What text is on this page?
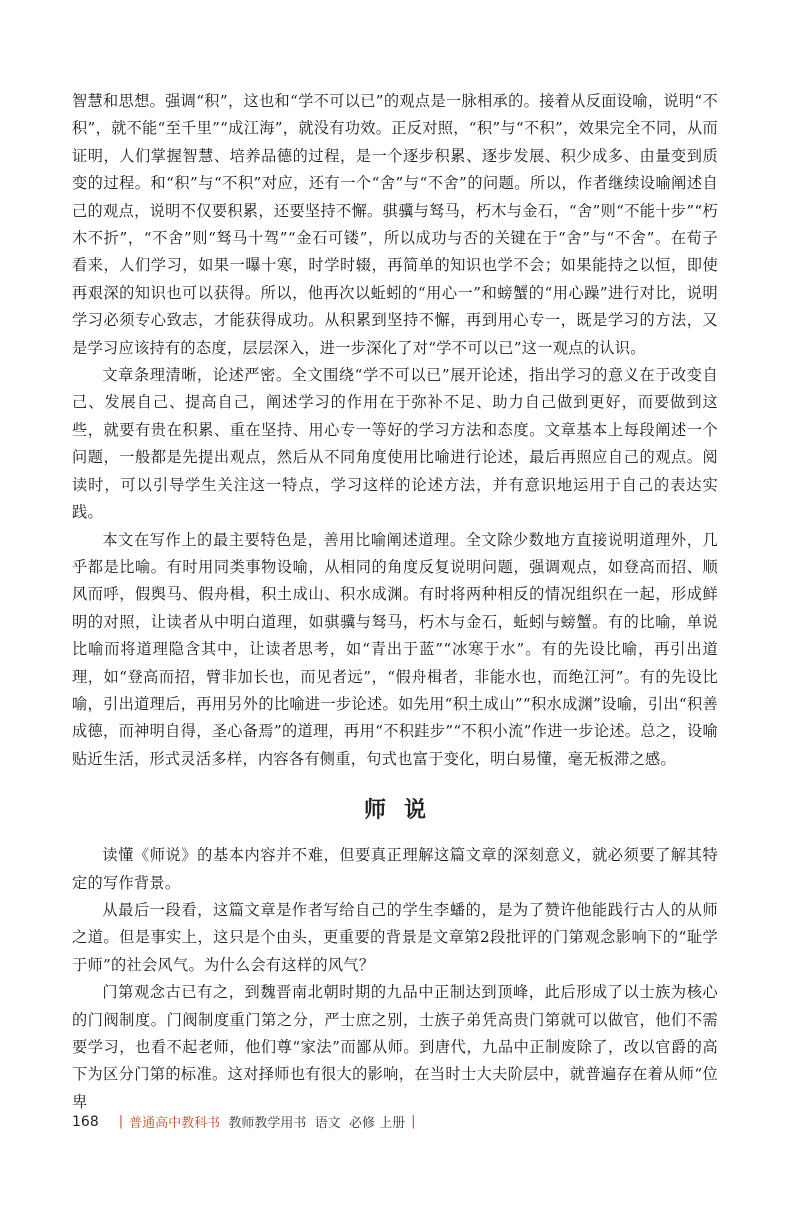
智慧和思想。强调“积”，这也和“学不可以已”的观点是一脉相承的。接着从反面设喻，说明“不积”，就不能“至千里”“成江海”，就没有功效。正反对照，“积”与“不积”，效果完全不同，从而证明，人们掌握智慧、培养品德的过程，是一个逐步积累、逐步发展、积少成多、由量变到质变的过程。和“积”与“不积”对应，还有一个“舍”与“不舍”的问题。所以，作者继续设喻阐述自己的观点，说明不仅要积累，还要坚持不懈。骐骥与驽马，朽木与金石，“舍”则“不能十步”“朽木不折”，“不舍”则“驽马十驾”“金石可镂”，所以成功与否的关键在于“舍”与“不舍”。在荀子看来，人们学习，如果一曝十寒，时学时辍，再简单的知识也学不会；如果能持之以恒，即使再艰深的知识也可以获得。所以，他再次以蚯蚓的“用心一”和螃蟹的“用心躁”进行对比，说明学习必须专心致志，才能获得成功。从积累到坚持不懈，再到用心专一，既是学习的方法，又是学习应该持有的态度，层层深入，进一步深化了对“学不可以已”这一观点的认识。

文章条理清晰，论述严密。全文围绕“学不可以已”展开论述，指出学习的意义在于改变自己、发展自己、提高自己，阐述学习的作用在于弥补不足、助力自己做到更好，而要做到这些，就要有贵在积累、重在坚持、用心专一等好的学习方法和态度。文章基本上每段阐述一个问题，一般都是先提出观点，然后从不同角度使用比喻进行论述，最后再照应自己的观点。阅读时，可以引导学生关注这一特点，学习这样的论述方法，并有意识地运用于自己的表达实践。

本文在写作上的最主要特色是，善用比喻阐述道理。全文除少数地方直接说明道理外，几乎都是比喻。有时用同类事物设喻，从相同的角度反复说明问题，强调观点，如登高而招、顺风而呼，假舆马、假舟楫，积土成山、积水成渊。有时将两种相反的情况组织在一起，形成鲜明的对照，让读者从中明白道理，如骐骥与驽马，朽木与金石，蚯蚓与螃蟹。有的比喻，单说比喻而将道理隐含其中，让读者思考，如“青出于蓝”“冰寒于水”。有的先设比喻，再引出道理，如“登高而招，臂非加长也，而见者远”，“假舟楫者，非能水也，而绝江河”。有的先设比喻，引出道理后，再用另外的比喻进一步论述。如先用“积土成山”“积水成渊”设喻，引出“积善成德，而神明自得，圣心备焉”的道理，再用“不积跬步”“不积小流”作进一步论述。总之，设喻贴近生活，形式灵活多样，内容各有侧重，句式也富于变化，明白易懂，毫无板滞之感。

师说

读懂《师说》的基本内容并不难，但要真正理解这篇文章的深刻意义，就必须要了解其特定的写作背景。

从最后一段看，这篇文章是作者写给自己的学生李蟠的，是为了赞许他能践行古人的从师之道。但是事实上，这只是个由头，更重要的背景是文章第2段批评的门第观念影响下的“耻学于师”的社会风气。为什么会有这样的风气？

门第观念古已有之，到魏晋南北朝时期的九品中正制达到顶峰，此后形成了以士族为核心的门阀制度。门阀制度重门第之分，严士庶之别，士族子弟凭高贵门第就可以做官，他们不需要学习，也看不起老师，他们尊“家法”而鄙从师。到唐代，九品中正制废除了，改以官爵的高下为区分门第的标准。这对择师也有很大的影响，在当时士大夫阶层中，就普遍存在着从师“位卑

168 | 普通高中教科书
教师教学用书
语文
必修 上册 |
